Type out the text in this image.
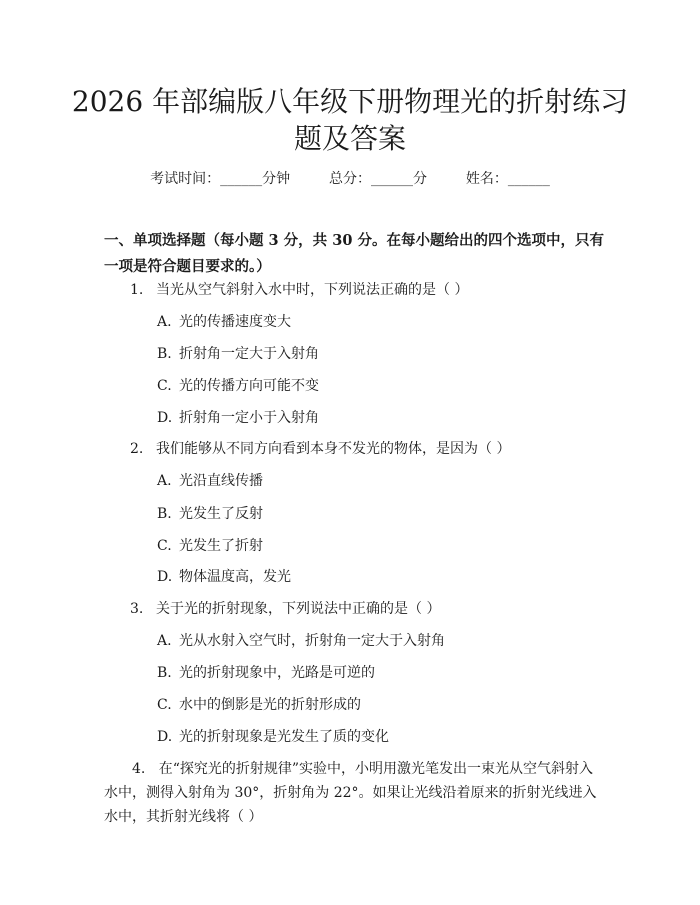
2026 年部编版八年级下册物理光的折射练习
题及答案
考试时间：______分钟	总分：______分	姓名：______
一、单项选择题（每小题 3 分，共 30 分。在每小题给出的四个选项中，只有一项是符合题目要求的。）
1. 当光从空气斜射入水中时，下列说法正确的是（ ）
A. 光的传播速度变大
B. 折射角一定大于入射角
C. 光的传播方向可能不变
D. 折射角一定小于入射角
2. 我们能够从不同方向看到本身不发光的物体，是因为（ ）
A. 光沿直线传播
B. 光发生了反射
C. 光发生了折射
D. 物体温度高，发光
3. 关于光的折射现象，下列说法中正确的是（ ）
A. 光从水射入空气时，折射角一定大于入射角
B. 光的折射现象中，光路是可逆的
C. 水中的倒影是光的折射形成的
D. 光的折射现象是光发生了质的变化
4. 在“探究光的折射规律”实验中，小明用激光笔发出一束光从空气斜射入水中，测得入射角为 30°，折射角为 22°。如果让光线沿着原来的折射光线进入水中，其折射光线将（ ）
